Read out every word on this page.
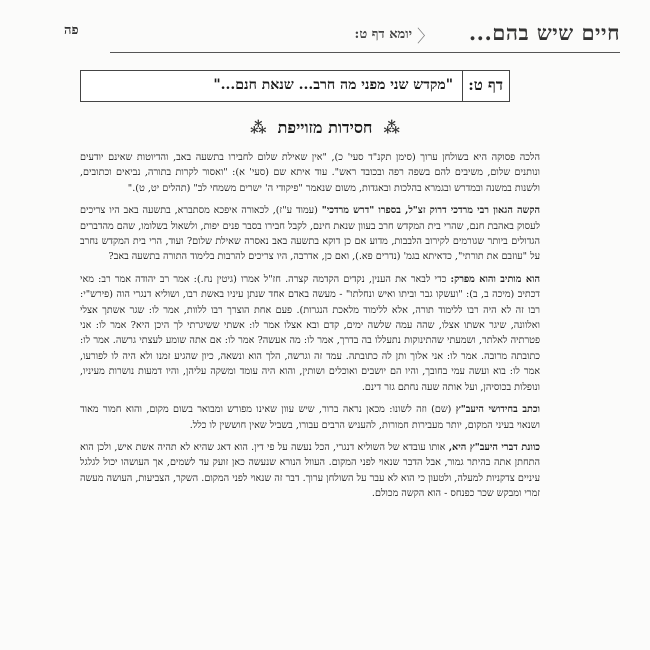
חיים שיש בהם...
〈
יומא דף ט:
פה
דף ט:
"מקדש שני מפני מה חרב... שנאת חנם..."
⁂ חסידות מזוייפת ⁂

הלכה פסוקה היא בשולחן ערוך (סימן תקנ"ד סעי' כ), "אין שאילת שלום לחבירו בתשעה באב, והדיוטות שאינם יודעים ונותנים שלום, משיבים להם בשפה רפה ובכובד ראש". עוד איתא שם (סעי' א): "ואסור לקרות בתורה, נביאים וכתובים, ולשנות במשנה ובמדרש ובגמרא בהלכות ובאגדות, משום שנאמר "פיקודי ה' ישרים משמחי לב" (תהלים יט, ט)."

הקשה הגאון רבי מרדכי דרוק זצ"ל, בספרו "דרש מרדכי" (עמוד ע"ז), לכאורה איפכא מסתברא, בתשעה באב היו צריכים לעסוק באהבת חנם, שהרי בית המקדש חרב בעוון שנאת חינם, לקבל חבירו בסבר פנים יפות, ולשאול בשלומו, שהם מהדברים הגדולים ביותר שגורמים לקירוב הלבבות, מדוע אם כן דוקא בתשעה באב נאסרה שאילת שלום? ועוד, הרי בית המקדש נחרב על "עוזבם את תורתי", כדאיתא בגמ' (נדרים פא.), ואם כן, אדרבה, היו צריכים להרבות בלימוד התורה בתשעה באב?

הוא מותיב והוא מפרק: כדי לבאר את הענין, נקדים הקדמה קצרה. חז"ל אמרו (גיטין נח.): אמר רב יהודה אמר רב: מאי דכתיב (מיכה ב, ב): "ועשקו גבר וביתו ואיש ונחלתו" - מעשה באדם אחד שנתן עיניו באשת רבו, ושוליא דנגרי הוה (פירש"י: רבו זה לא היה רבו ללימוד תורה, אלא ללימוד מלאכת הנגרות). פעם אחת הוצרך רבו ללוות, אמר לו: שגר אשתך אצלי ואלוונה, שיגר אשתו אצלו, שהה עמה שלשה ימים, קדם ובא אצלו אמר לו: אשתי ששיגרתי לך היכן היא? אמר לו: אני פטרתיה לאלתר, ושמעתי שהתינוקות נתעללו בה בדרך, אמר לו: מה אעשה? אמר לו: אם אתה שומע לעצתי גרשה. אמר לו: כתובתה מרובה. אמר לו: אני אלוך ותן לה כתובתה. עמד זה וגרשה, הלך הוא ונשאה, כיון שהגיע זמנו ולא היה לו לפורעו, אמר לו: בוא ועשה עמי בחובך, והיו הם יושבים ואוכלים ושותין, והוא היה עומד ומשקה עליהן, והיו דמעות נושרות מעיניו, ונופלות בכוסיהן, ועל אותה שעה נחתם גזר דינם.

וכתב בחידושי היעב"ץ (שם) וזה לשונו: מכאן נראה ברור, שיש עוון שאינו מפורש ומבואר בשום מקום, והוא חמור מאוד ושנאוי בעיני המקום, יותר מעבירות חמורות, להעניש הרבים עבורו, בשביל שאין חוששין לו כלל.

כוונת דברי היעב"ץ היא, אותו עובדא של השוליא דנגרי, הכל נעשה על פי דין. הוא דאג שהיא לא תהיה אשת איש, ולכן הוא התחתן אתה בהיתר גמור, אבל הדבר שנאוי לפני המקום. העוול הנורא שנעשה כאן זועק עד לשמים, אך העושהו יכול לגלגל עיניים צדקניות למעלה, ולטעון כי הוא לא עבר על השולחן ערוך. דבר זה שנאוי לפני המקום. השקר, הצביעות, העושה מעשה זמרי ומבקש שכר כפנחס - הוא הקשה מכולם.
